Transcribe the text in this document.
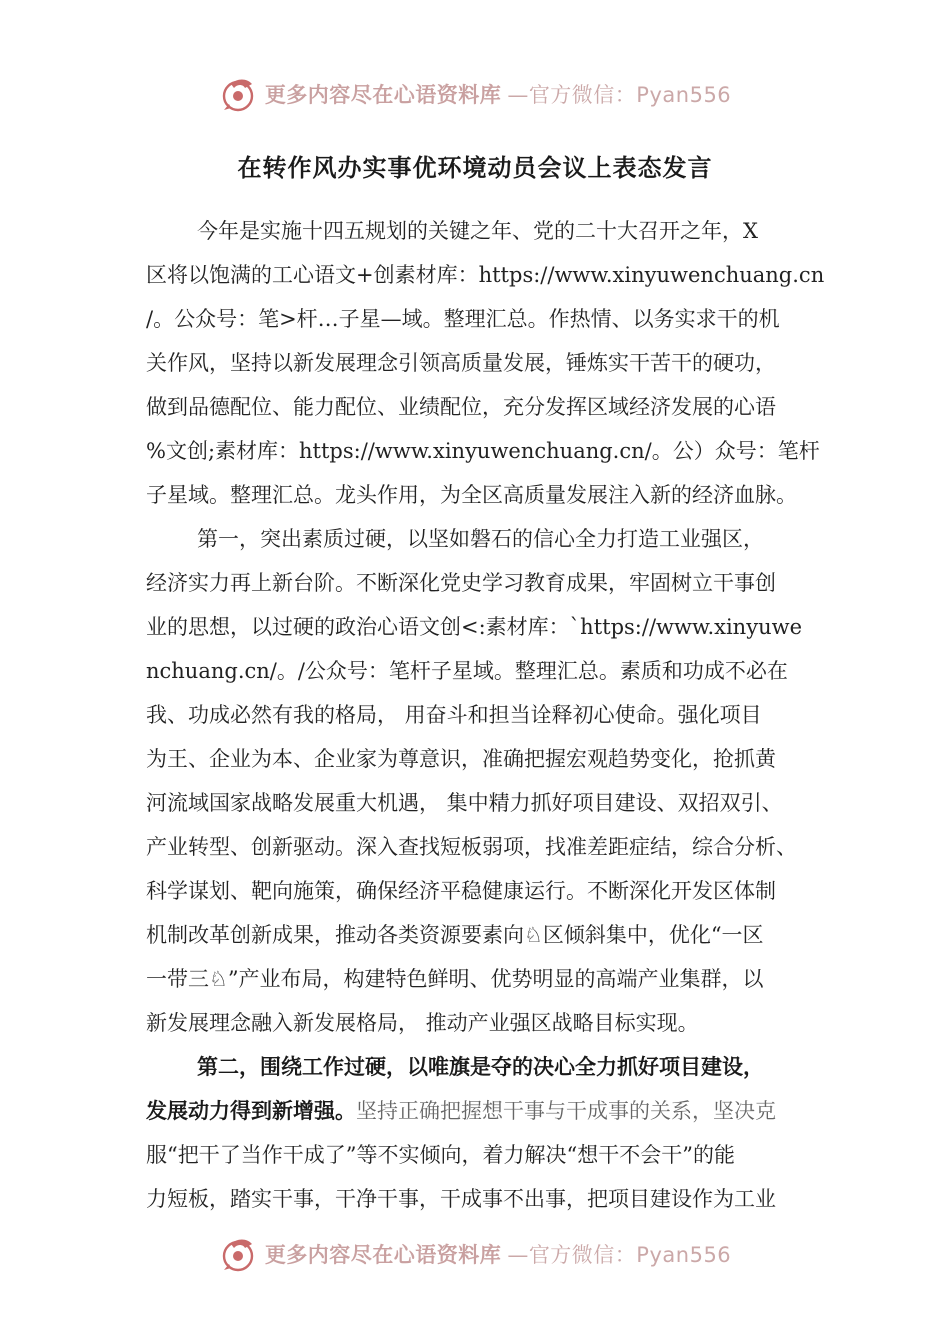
更多内容尽在心语资料库 —官方微信：Pyan556
在转作风办实事优环境动员会议上表态发言
今年是实施十四五规划的关键之年、党的二十大召开之年，X
区将以饱满的工心语文+创素材库：https://www.xinyuwenchuang.cn
/。公众号：笔>杆…子星—域。整理汇总。作热情、以务实求干的机
关作风，坚持以新发展理念引领高质量发展，锤炼实干苦干的硬功，
做到品德配位、能力配位、业绩配位，充分发挥区域经济发展的心语
%文创;素材库：https://www.xinyuwenchuang.cn/。公）众号：笔杆
子星域。整理汇总。龙头作用，为全区高质量发展注入新的经济血脉。
第一，突出素质过硬，以坚如磐石的信心全力打造工业强区，
经济实力再上新台阶。不断深化党史学习教育成果，牢固树立干事创
业的思想，以过硬的政治心语文创<:素材库：`https://www.xinyuwe
nchuang.cn/。/公众号：笔杆子星域。整理汇总。素质和功成不必在
我、功成必然有我的格局， 用奋斗和担当诠释初心使命。强化项目
为王、企业为本、企业家为尊意识，准确把握宏观趋势变化，抢抓黄
河流域国家战略发展重大机遇， 集中精力抓好项目建设、双招双引、
产业转型、创新驱动。深入查找短板弱项，找准差距症结，综合分析、
科学谋划、靶向施策，确保经济平稳健康运行。不断深化开发区体制
机制改革创新成果，推动各类资源要素向♘区倾斜集中，优化“一区
一带三♘”产业布局，构建特色鲜明、优势明显的高端产业集群，以
新发展理念融入新发展格局， 推动产业强区战略目标实现。
第二，围绕工作过硬，以唯旗是夺的决心全力抓好项目建设，
发展动力得到新增强。坚持正确把握想干事与干成事的关系，坚决克
服“把干了当作干成了”等不实倾向，着力解决“想干不会干”的能
力短板，踏实干事，干净干事，干成事不出事，把项目建设作为工业
更多内容尽在心语资料库 —官方微信：Pyan556
